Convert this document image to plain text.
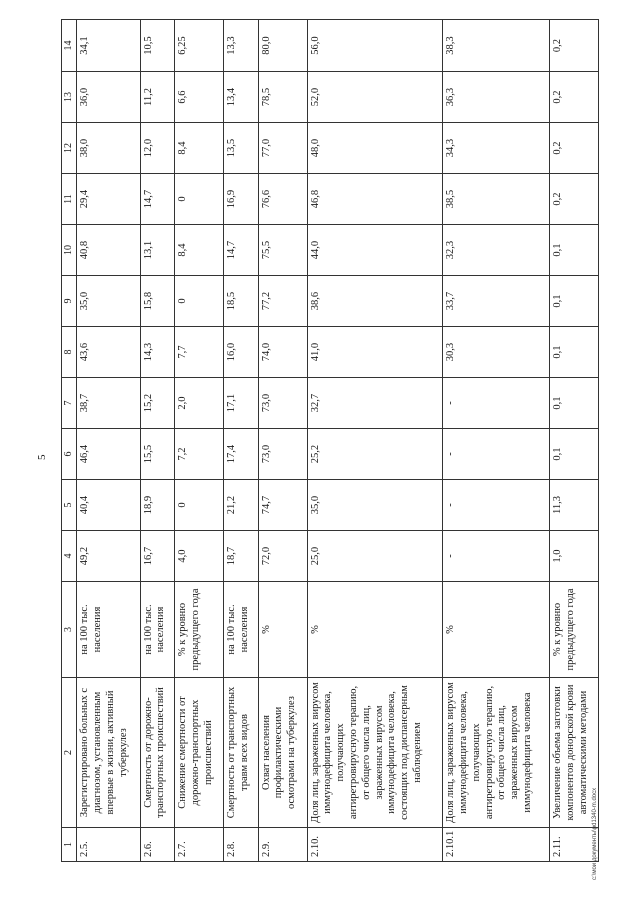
5
1	2	3	4	5	6	7	8	9	10	11	12	13	14
2.5.	Зарегистрировано больных с диагнозом, установленным впервые в жизни, активный туберкулез	на 100 тыс. населения	49,2	40,4	46,4	38,7	43,6	35,0	40,8	29,4	38,0	36,0	34,1
2.6.	Смертность от дорожно-транспортных происшествий	на 100 тыс. населения	16,7	18,9	15,5	15,2	14,3	15,8	13,1	14,7	12,0	11,2	10,5
2.7.	Снижение смертности от дорожно-транспортных происшествий	% к уровню предыдущего года	4,0	0	7,2	2,0	7,7	0	8,4	0	8,4	6,6	6,25
2.8.	Смертность от транспортных травм всех видов	на 100 тыс. населения	18,7	21,2	17,4	17,1	16,0	18,5	14,7	16,9	13,5	13,4	13,3
2.9.	Охват населения профилактическими осмотрами на туберкулез	%	72,0	74,7	73,0	73,0	74,0	77,2	75,5	76,6	77,0	78,5	80,0
2.10.	Доля лиц, зараженных вирусом иммунодефицита человека, получающих антиретровирусную терапию, от общего числа лиц, зараженных вирусом иммунодефицита человека, состоящих под диспансерным наблюдением	%	25,0	35,0	25,2	32,7	41,0	38,6	44,0	46,8	48,0	52,0	56,0
2.10.1	Доля лиц, зараженных вирусом иммунодефицита человека, получающих антиретровирусную терапию, от общего числа лиц, зараженных вирусом иммунодефицита человека	%	-	-	-	-	30,3	33,7	32,3	38,5	34,3	36,3	38,3
2.11.	Увеличение объема заготовки компонентов донорской крови автоматическими методами	% к уровню предыдущего года	1,0	11,3	0,1	0,1	0,1	0,1	0,1	0,2	0,2	0,2	0,2
c:\мои документы\pd1340-m.docx
